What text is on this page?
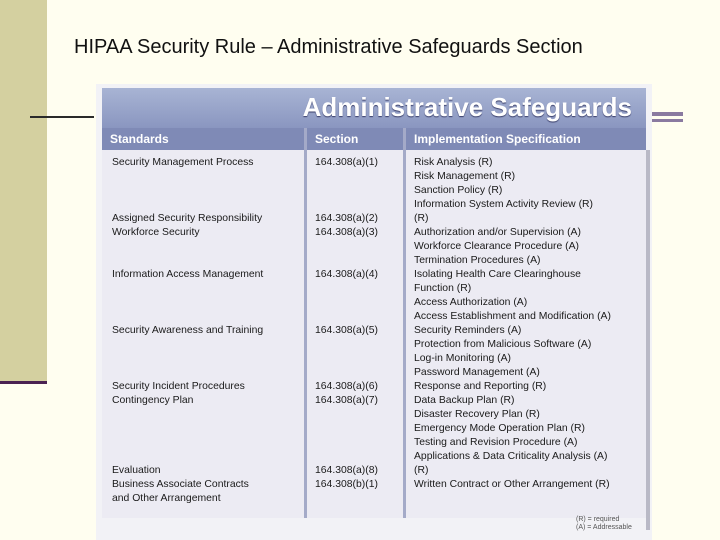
HIPAA Security Rule – Administrative Safeguards Section
Administrative Safeguards
Standards	Section	Implementation Specification
Security Management Process	164.308(a)(1)	Risk Analysis (R)
Risk Management (R)
Sanction Policy (R)
Information System Activity Review (R)
Assigned Security Responsibility	164.308(a)(2)	(R)
Workforce Security	164.308(a)(3)	Authorization and/or Supervision (A)
Workforce Clearance Procedure (A)
Termination Procedures (A)
Information Access Management	164.308(a)(4)	Isolating Health Care Clearinghouse
Function (R)
Access Authorization (A)
Access Establishment and Modification (A)
Security Awareness and Training	164.308(a)(5)	Security Reminders (A)
Protection from Malicious Software (A)
Log-in Monitoring (A)
Password Management (A)
Security Incident Procedures	164.308(a)(6)	Response and Reporting (R)
Contingency Plan	164.308(a)(7)	Data Backup Plan (R)
Disaster Recovery Plan (R)
Emergency Mode Operation Plan (R)
Testing and Revision Procedure (A)
Applications & Data Criticality Analysis (A)
Evaluation	164.308(a)(8)	(R)
Business Associate Contracts	164.308(b)(1)	Written Contract or Other Arrangement (R)
and Other Arrangement
(R) = required
(A) = Addressable
